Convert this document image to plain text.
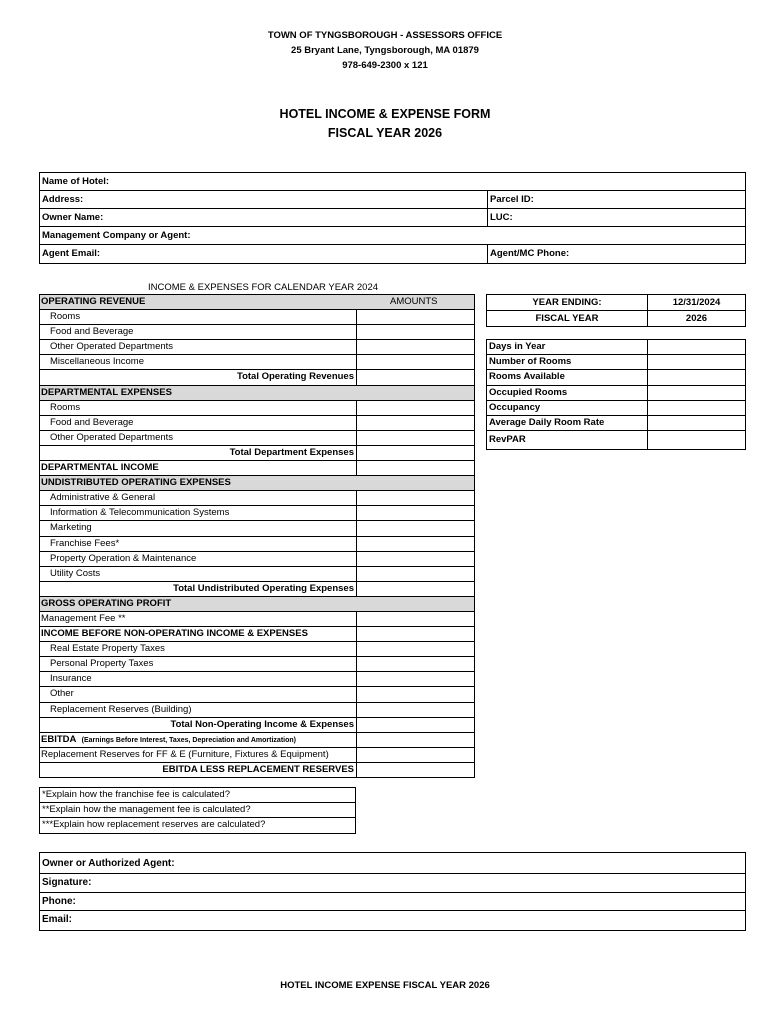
TOWN OF TYNGSBOROUGH - ASSESSORS OFFICE
25 Bryant Lane, Tyngsborough, MA 01879
978-649-2300 x 121
HOTEL INCOME & EXPENSE FORM
FISCAL YEAR 2026
Name of Hotel:
Address:	Parcel ID:
Owner Name:	LUC:
Management Company or Agent:
Agent Email:	Agent/MC Phone:
INCOME & EXPENSES FOR CALENDAR YEAR 2024
OPERATING REVENUE	AMOUNTS
Rooms
Food and Beverage
Other Operated Departments
Miscellaneous Income
Total Operating Revenues
DEPARTMENTAL EXPENSES
Rooms
Food and Beverage
Other Operated Departments
Total Department Expenses
DEPARTMENTAL INCOME
UNDISTRIBUTED OPERATING EXPENSES
Administrative & General
Information & Telecommunication Systems
Marketing
Franchise Fees*
Property Operation & Maintenance
Utility Costs
Total Undistributed Operating Expenses
GROSS OPERATING PROFIT
Management Fee **
INCOME BEFORE NON-OPERATING INCOME & EXPENSES
Real Estate Property Taxes
Personal Property Taxes
Insurance
Other
Replacement Reserves (Building)
Total Non-Operating Income & Expenses
EBITDA (Earnings Before Interest, Taxes, Depreciation and Amortization)
Replacement Reserves for FF & E (Furniture, Fixtures & Equipment)
EBITDA LESS REPLACEMENT RESERVES
*Explain how the franchise fee is calculated?
**Explain how the management fee is calculated?
***Explain how replacement reserves are calculated?
YEAR ENDING:	12/31/2024
FISCAL YEAR	2026
Days in Year
Number of Rooms
Rooms Available
Occupied Rooms
Occupancy
Average Daily Room Rate
RevPAR
Owner or Authorized Agent:
Signature:
Phone:
Email:
HOTEL INCOME EXPENSE FISCAL YEAR 2026
